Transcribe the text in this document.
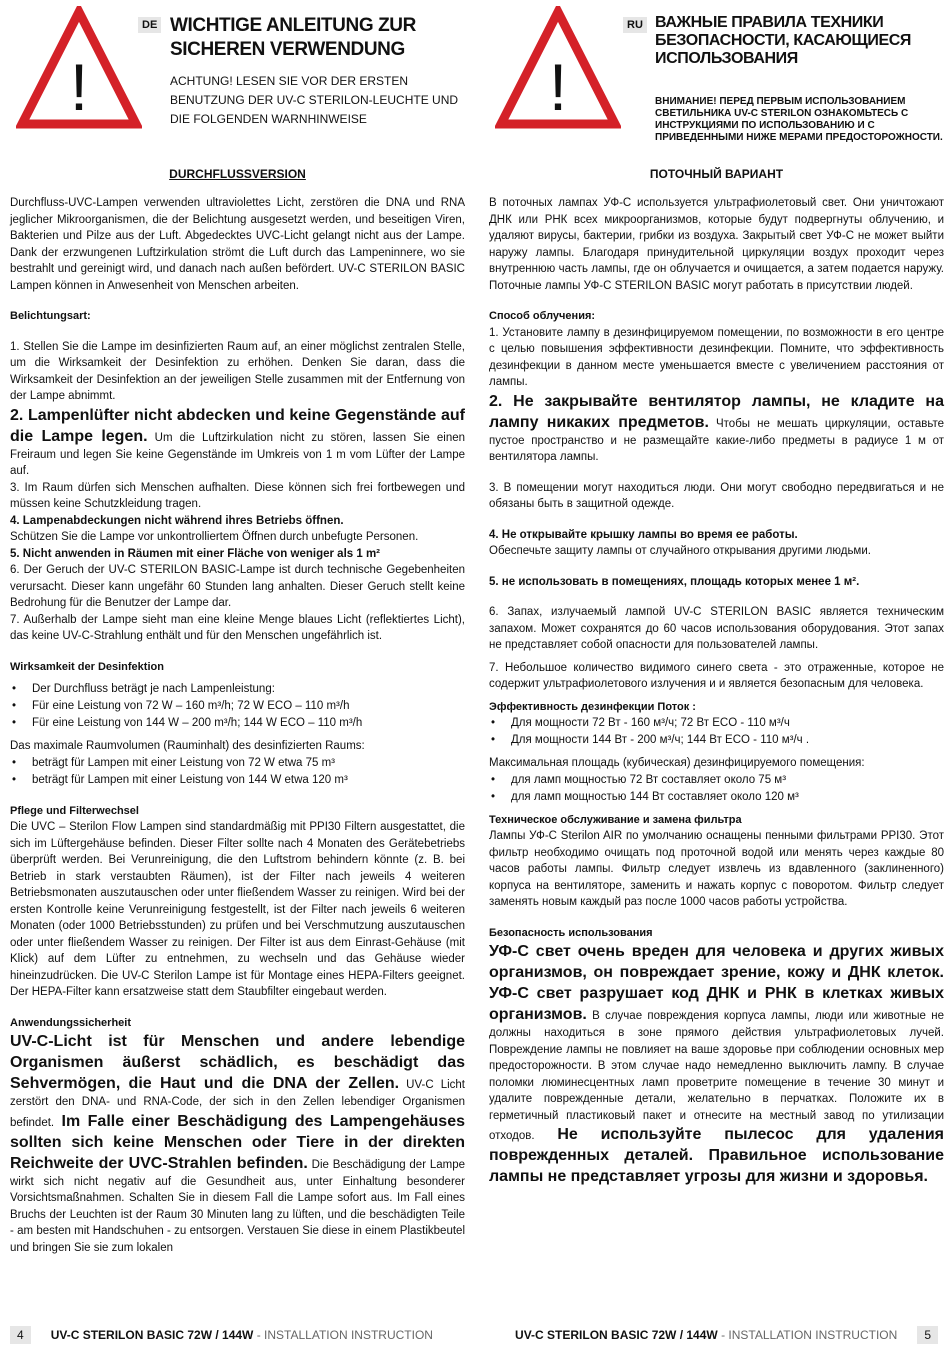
!
DE WICHTIGE ANLEITUNG ZUR SICHEREN VERWENDUNG
ACHTUNG! LESEN SIE VOR DER ERSTEN BENUTZUNG DER UV-C STERILON-LEUCHTE UND DIE FOLGENDEN WARNHINWEISE
DURCHFLUSSVERSION

Durchfluss-UVC-Lampen verwenden ultraviolettes Licht, zerstören die DNA und RNA jeglicher Mikroorganismen, die der Belichtung ausgesetzt werden, und beseitigen Viren, Bakterien und Pilze aus der Luft. Abgedecktes UVC-Licht gelangt nicht aus der Lampe. Dank der erzwungenen Luftzirkulation strömt die Luft durch das Lampeninnere, wo sie bestrahlt und gereinigt wird, und danach nach außen befördert. UV-C STERILON BASIC Lampen können in Anwesenheit von Menschen arbeiten.

Belichtungsart:

1. Stellen Sie die Lampe im desinfizierten Raum auf, an einer möglichst zentralen Stelle, um die Wirksamkeit der Desinfektion zu erhöhen. Denken Sie daran, dass die Wirksamkeit der Desinfektion an der jeweiligen Stelle zusammen mit der Entfernung von der Lampe abnimmt.

2. Lampenlüfter nicht abdecken und keine Gegenstände auf die Lampe legen. Um die Luftzirkulation nicht zu stören, lassen Sie einen Freiraum und legen Sie keine Gegenstände im Umkreis von 1 m vom Lüfter der Lampe auf.

3. Im Raum dürfen sich Menschen aufhalten. Diese können sich frei fortbewegen und müssen keine Schutzkleidung tragen.

4. Lampenabdeckungen nicht während ihres Betriebs öffnen.

Schützen Sie die Lampe vor unkontrolliertem Öffnen durch unbefugte Personen.

5. Nicht anwenden in Räumen mit einer Fläche von weniger als 1 m²

6. Der Geruch der UV-C STERILON BASIC-Lampe ist durch technische Gegebenheiten verursacht. Dieser kann ungefähr 60 Stunden lang anhalten. Dieser Geruch stellt keine Bedrohung für die Benutzer der Lampe dar.

7. Außerhalb der Lampe sieht man eine kleine Menge blaues Licht (reflektiertes Licht), das keine UV-C-Strahlung enthält und für den Menschen ungefährlich ist.

Wirksamkeit der Desinfektion

• Der Durchfluss beträgt je nach Lampenleistung:
• Für eine Leistung von 72 W – 160 m³/h; 72 W ECO – 110 m³/h
• Für eine Leistung von 144 W – 200 m³/h; 144 W ECO – 110 m³/h

Das maximale Raumvolumen (Rauminhalt) des desinfizierten Raums:

• beträgt für Lampen mit einer Leistung von 72 W etwa 75 m³
• beträgt für Lampen mit einer Leistung von 144 W etwa 120 m³

Pflege und Filterwechsel

Die UVC – Sterilon Flow Lampen sind standardmäßig mit PPI30 Filtern ausgestattet, die sich im Lüftergehäuse befinden. Dieser Filter sollte nach 4 Monaten des Gerätebetriebs überprüft werden. Bei Verunreinigung, die den Luftstrom behindern könnte (z. B. bei Betrieb in stark verstaubten Räumen), ist der Filter nach jeweils 4 weiteren Betriebsmonaten auszutauschen oder unter fließendem Wasser zu reinigen. Wird bei der ersten Kontrolle keine Verunreinigung festgestellt, ist der Filter nach jeweils 6 weiteren Monaten (oder 1000 Betriebsstunden) zu prüfen und bei Verschmutzung auszutauschen oder unter fließendem Wasser zu reinigen. Der Filter ist aus dem Einrast-Gehäuse (mit Klick) auf dem Lüfter zu entnehmen, zu wechseln und das Gehäuse wieder hineinzudrücken. Die UV-C Sterilon Lampe ist für Montage eines HEPA-Filters geeignet. Der HEPA-Filter kann ersatzweise statt dem Staubfilter eingebaut werden.

Anwendungssicherheit

UV-C-Licht ist für Menschen und andere lebendige Organismen äußerst schädlich, es beschädigt das Sehvermögen, die Haut und die DNA der Zellen. UV-C Licht zerstört den DNA- und RNA-Code, der sich in den Zellen lebendiger Organismen befindet. Im Falle einer Beschädigung des Lampengehäuses sollten sich keine Menschen oder Tiere in der direkten Reichweite der UVC-Strahlen befinden. Die Beschädigung der Lampe wirkt sich nicht negativ auf die Gesundheit aus, unter Einhaltung besonderer Vorsichtsmaßnahmen. Schalten Sie in diesem Fall die Lampe sofort aus. Im Fall eines Bruchs der Leuchten ist der Raum 30 Minuten lang zu lüften, und die beschädigten Teile - am besten mit Handschuhen - zu entsorgen. Verstauen Sie diese in einem Plastikbeutel und bringen Sie sie zum lokalen

!
RU ВАЖНЫЕ ПРАВИЛА ТЕХНИКИ БЕЗОПАСНОСТИ, КАСАЮЩИЕСЯ ИСПОЛЬЗОВАНИЯ
ВНИМАНИЕ! ПЕРЕД ПЕРВЫМ ИСПОЛЬЗОВАНИЕМ СВЕТИЛЬНИКА UV-C STERILON ОЗНАКОМЬТЕСЬ С ИНСТРУКЦИЯМИ ПО ИСПОЛЬЗОВАНИЮ И С ПРИВЕДЕННЫМИ НИЖЕ МЕРАМИ ПРЕДОСТОРОЖНОСТИ.
ПОТОЧНЫЙ ВАРИАНТ

В поточных лампах УФ-С используется ультрафиолетовый свет. Они уничтожают ДНК или РНК всех микроорганизмов, которые будут подвергнуты облучению, и удаляют вирусы, бактерии, грибки из воздуха. Закрытый свет УФ-С не может выйти наружу лампы. Благодаря принудительной циркуляции воздух проходит через внутреннюю часть лампы, где он облучается и очищается, а затем подается наружу. Поточные лампы УФ-С STERILON BASIC могут работать в присутствии людей.

Способ облучения:

1. Установите лампу в дезинфицируемом помещении, по возможности в его центре с целью повышения эффективности дезинфекции. Помните, что эффективность дезинфекции в данном месте уменьшается вместе с увеличением расстояния от лампы.

2. Не закрывайте вентилятор лампы, не кладите на лампу никаких предметов. Чтобы не мешать циркуляции, оставьте пустое пространство и не размещайте какие-либо предметы в радиусе 1 м от вентилятора лампы.

3. В помещении могут находиться люди. Они могут свободно передвигаться и не обязаны быть в защитной одежде.

4. Не открывайте крышку лампы во время ее работы.

Обеспечьте защиту лампы от случайного открывания другими людьми.

5. не использовать в помещениях, площадь которых менее 1 м².

6. Запах, излучаемый лампой UV-C STERILON BASIC является техническим запахом. Может сохранятся до 60 часов использования оборудования. Этот запах не представляет собой опасности для пользователей лампы.

7. Небольшое количество видимого синего света - это отраженные, которое не содержит ультрафиолетового излучения и и является безопасным для человека.

Эффективность дезинфекции Поток :

• Для мощности 72 Вт - 160 м³/ч; 72 Вт ECO - 110 м³/ч
• Для мощности 144 Вт - 200 м³/ч; 144 Вт ECO - 110 м³/ч .

Максимальная площадь (кубическая) дезинфицируемого помещения:

• для ламп мощностью 72 Вт составляет около 75 м³
• для ламп мощностью 144 Вт составляет около 120 м³

Техническое обслуживание и замена фильтра

Лампы УФ-С Sterilon AIR по умолчанию оснащены пенными фильтрами PPI30. Этот фильтр необходимо очищать под проточной водой или менять через каждые 80 часов работы лампы. Фильтр следует извлечь из вдавленного (заклиненного) корпуса на вентиляторе, заменить и нажать корпус с поворотом. Фильтр следует заменять новым каждый раз после 1000 часов работы устройства.

Безопасность использования

УФ-С свет очень вреден для человека и других живых организмов, он повреждает зрение, кожу и ДНК клеток. УФ-С свет разрушает код ДНК и РНК в клетках живых организмов. В случае повреждения корпуса лампы, люди или животные не должны находиться в зоне прямого действия ультрафиолетовых лучей. Повреждение лампы не повлияет на ваше здоровье при соблюдении основных мер предосторожности. В этом случае надо немедленно выключить лампу. В случае поломки люминесцентных ламп проветрите помещение в течение 30 минут и удалите поврежденные детали, желательно в перчатках. Положите их в герметичный пластиковый пакет и отнесите на местный завод по утилизации отходов. Не используйте пылесос для удаления поврежденных деталей. Правильное использование лампы не представляет угрозы для жизни и здоровья.

4 UV-C STERILON BASIC 72W / 144W - INSTALLATION INSTRUCTION	UV-C STERILON BASIC 72W / 144W - INSTALLATION INSTRUCTION 5
